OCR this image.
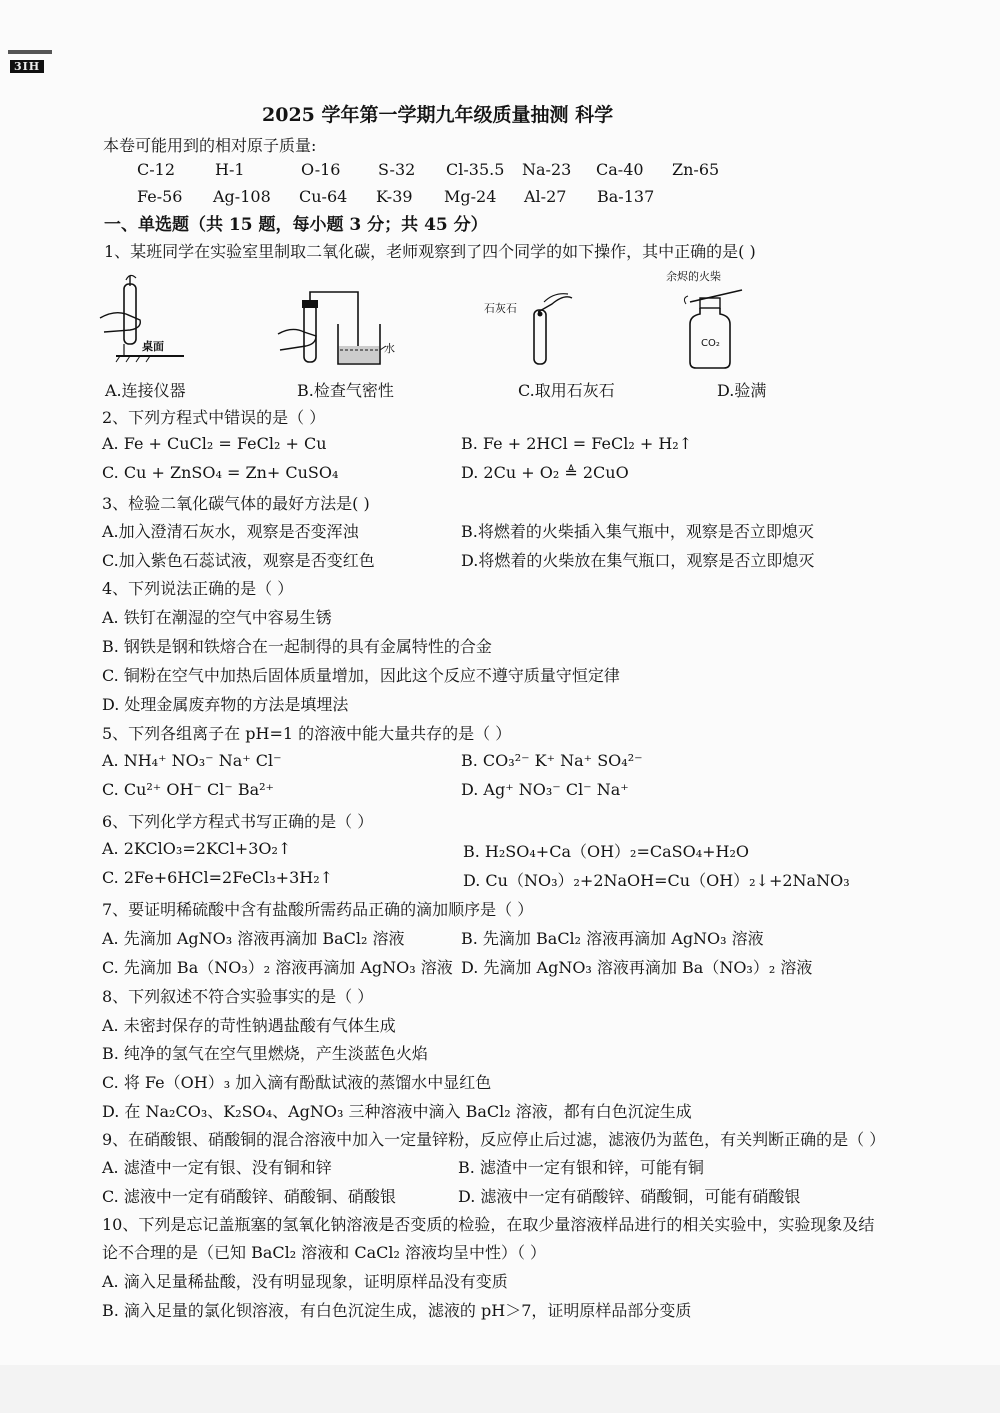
3IH
2025 学年第一学期九年级质量抽测 科学
本卷可能用到的相对原子质量:
C-12 H-1	O-16 S-32 Cl-35.5 Na-23 Ca-40 Zn-65
Fe-56 Ag-108 Cu-64 K-39 Mg-24 Al-27 Ba-137
一、单选题（共 15 题，每小题 3 分；共 45 分）
1、某班同学在实验室里制取二氧化碳，老师观察到了四个同学的如下操作，其中正确的是( )
桌面	水
石灰石
余烬的火柴
CO₂
A.连接仪器	B.检查气密性	C.取用石灰石	D.验满
2、下列方程式中错误的是（ ）
A. Fe + CuCl₂ = FeCl₂ + Cu	B. Fe + 2HCl = FeCl₂ + H₂↑
C. Cu + ZnSO₄ = Zn+ CuSO₄	D. 2Cu + O₂ ≜ 2CuO
3、检验二氧化碳气体的最好方法是( )
A.加入澄清石灰水，观察是否变浑浊	B.将燃着的火柴插入集气瓶中，观察是否立即熄灭
C.加入紫色石蕊试液，观察是否变红色	D.将燃着的火柴放在集气瓶口，观察是否立即熄灭
4、下列说法正确的是（ ）
A. 铁钉在潮湿的空气中容易生锈
B. 钢铁是钢和铁熔合在一起制得的具有金属特性的合金
C. 铜粉在空气中加热后固体质量增加，因此这个反应不遵守质量守恒定律
D. 处理金属废弃物的方法是填埋法
5、下列各组离子在 pH=1 的溶液中能大量共存的是（ ）
A. NH₄⁺ NO₃⁻ Na⁺ Cl⁻	B. CO₃²⁻ K⁺ Na⁺ SO₄²⁻
C. Cu²⁺ OH⁻ Cl⁻ Ba²⁺	D. Ag⁺ NO₃⁻ Cl⁻ Na⁺
6、下列化学方程式书写正确的是（ ）
A. 2KClO₃=2KCl+3O₂↑	B. H₂SO₄+Ca（OH）₂=CaSO₄+H₂O
C. 2Fe+6HCl=2FeCl₃+3H₂↑	D. Cu（NO₃）₂+2NaOH=Cu（OH）₂↓+2NaNO₃
7、要证明稀硫酸中含有盐酸所需药品正确的滴加顺序是（ ）
A. 先滴加 AgNO₃ 溶液再滴加 BaCl₂ 溶液	B. 先滴加 BaCl₂ 溶液再滴加 AgNO₃ 溶液
C. 先滴加 Ba（NO₃）₂ 溶液再滴加 AgNO₃ 溶液 D. 先滴加 AgNO₃ 溶液再滴加 Ba（NO₃）₂ 溶液
8、下列叙述不符合实验事实的是（ ）
A. 未密封保存的苛性钠遇盐酸有气体生成
B. 纯净的氢气在空气里燃烧，产生淡蓝色火焰
C. 将 Fe（OH）₃ 加入滴有酚酞试液的蒸馏水中显红色
D. 在 Na₂CO₃、K₂SO₄、AgNO₃ 三种溶液中滴入 BaCl₂ 溶液，都有白色沉淀生成
9、在硝酸银、硝酸铜的混合溶液中加入一定量锌粉，反应停止后过滤，滤液仍为蓝色，有关判断正确的是（ ）
A. 滤渣中一定有银、没有铜和锌	B. 滤渣中一定有银和锌，可能有铜
C. 滤液中一定有硝酸锌、硝酸铜、硝酸银	D. 滤液中一定有硝酸锌、硝酸铜，可能有硝酸银
10、下列是忘记盖瓶塞的氢氧化钠溶液是否变质的检验，在取少量溶液样品进行的相关实验中，实验现象及结
论不合理的是（已知 BaCl₂ 溶液和 CaCl₂ 溶液均呈中性）（ ）
A. 滴入足量稀盐酸，没有明显现象，证明原样品没有变质
B. 滴入足量的氯化钡溶液，有白色沉淀生成，滤液的 pH＞7，证明原样品部分变质
